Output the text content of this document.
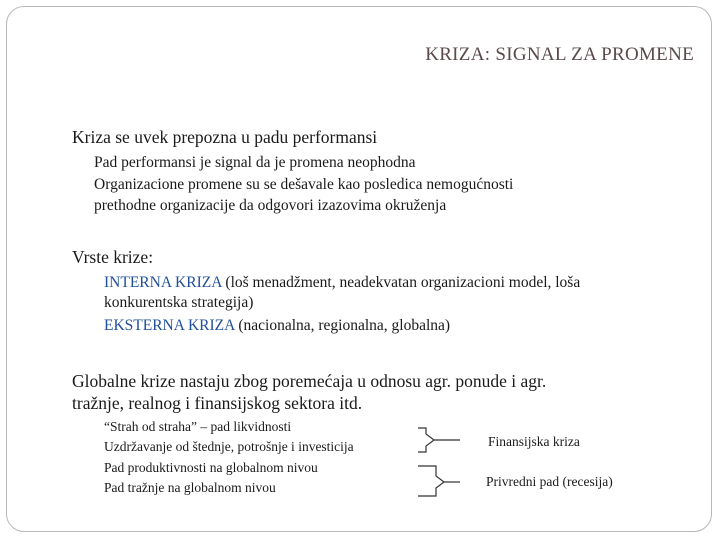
KRIZA: SIGNAL ZA PROMENE
Kriza se uvek prepozna u padu performansi
Pad performansi je signal da je promena neophodna
Organizacione promene su se dešavale kao posledica nemogućnosti
prethodne organizacije da odgovori izazovima okruženja
Vrste krize:
INTERNA KRIZA (loš menadžment, neadekvatan organizacioni model, loša
konkurentska strategija)
EKSTERNA KRIZA (nacionalna, regionalna, globalna)
Globalne krize nastaju zbog poremećaja u odnosu agr. ponude i agr.
tražnje, realnog i finansijskog sektora itd.
“Strah od straha” – pad likvidnosti
Uzdržavanje od štednje, potrošnje i investicija
Pad produktivnosti na globalnom nivou
Pad tražnje na globalnom nivou
Finansijska kriza
Privredni pad (recesija)
